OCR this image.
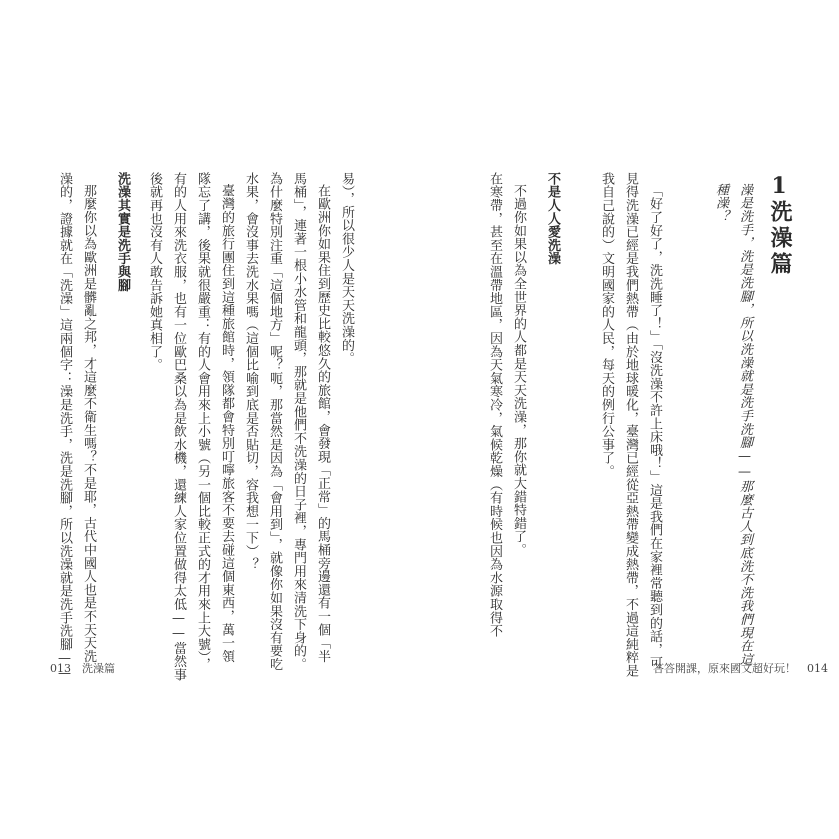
1
洗澡篇
澡是洗手，洗是洗腳，所以洗澡就是洗手洗腳——那麼古人到底洗不洗我們現在這
種澡？
「好了好了，洗洗睡了！」「沒洗澡不許上床哦！」這是我們在家裡常聽到的話，可
見得洗澡已經是我們熱帶（由於地球暖化，臺灣已經從亞熱帶變成熱帶，不過這純粹是
我自己說的）文明國家的人民，每天的例行公事了。
不是人人愛洗澡
不過你如果以為全世界的人都是天天洗澡，那你就大錯特錯了。
在寒帶，甚至在溫帶地區，因為天氣寒冷，氣候乾燥（有時候也因為水源取得不
答答開課，原來國文超好玩！　014
易），所以很少人是天天洗澡的。
在歐洲你如果住到歷史比較悠久的旅館，會發現「正常」的馬桶旁邊還有一個「半
馬桶」，連著一根小水管和龍頭，那就是他們不洗澡的日子裡，專門用來清洗下身的。
為什麼特別注重「這個地方」呢？呃，那當然是因為「會用到」，就像你如果沒有要吃
水果，會沒事去洗水果嗎（這個比喻到底是否貼切，容我想一下）？
臺灣的旅行團住到這種旅館時，領隊都會特別叮嚀旅客不要去碰這個東西，萬一領
隊忘了講，後果就很嚴重：有的人會用來上小號（另一個比較正式的才用來上大號），
有的人用來洗衣服，也有一位歐巴桑以為是飲水機，還練人家位置做得太低——當然事
後就再也沒有人敢告訴她真相了。
洗澡其實是洗手與腳
那麼你以為歐洲是髒亂之邦，才這麼不衛生嗎？不是耶，古代中國人也是不天天洗
澡的，證據就在「洗澡」這兩個字：澡是洗手，洗是洗腳，所以洗澡就是洗手洗腳——
013　洗澡篇
